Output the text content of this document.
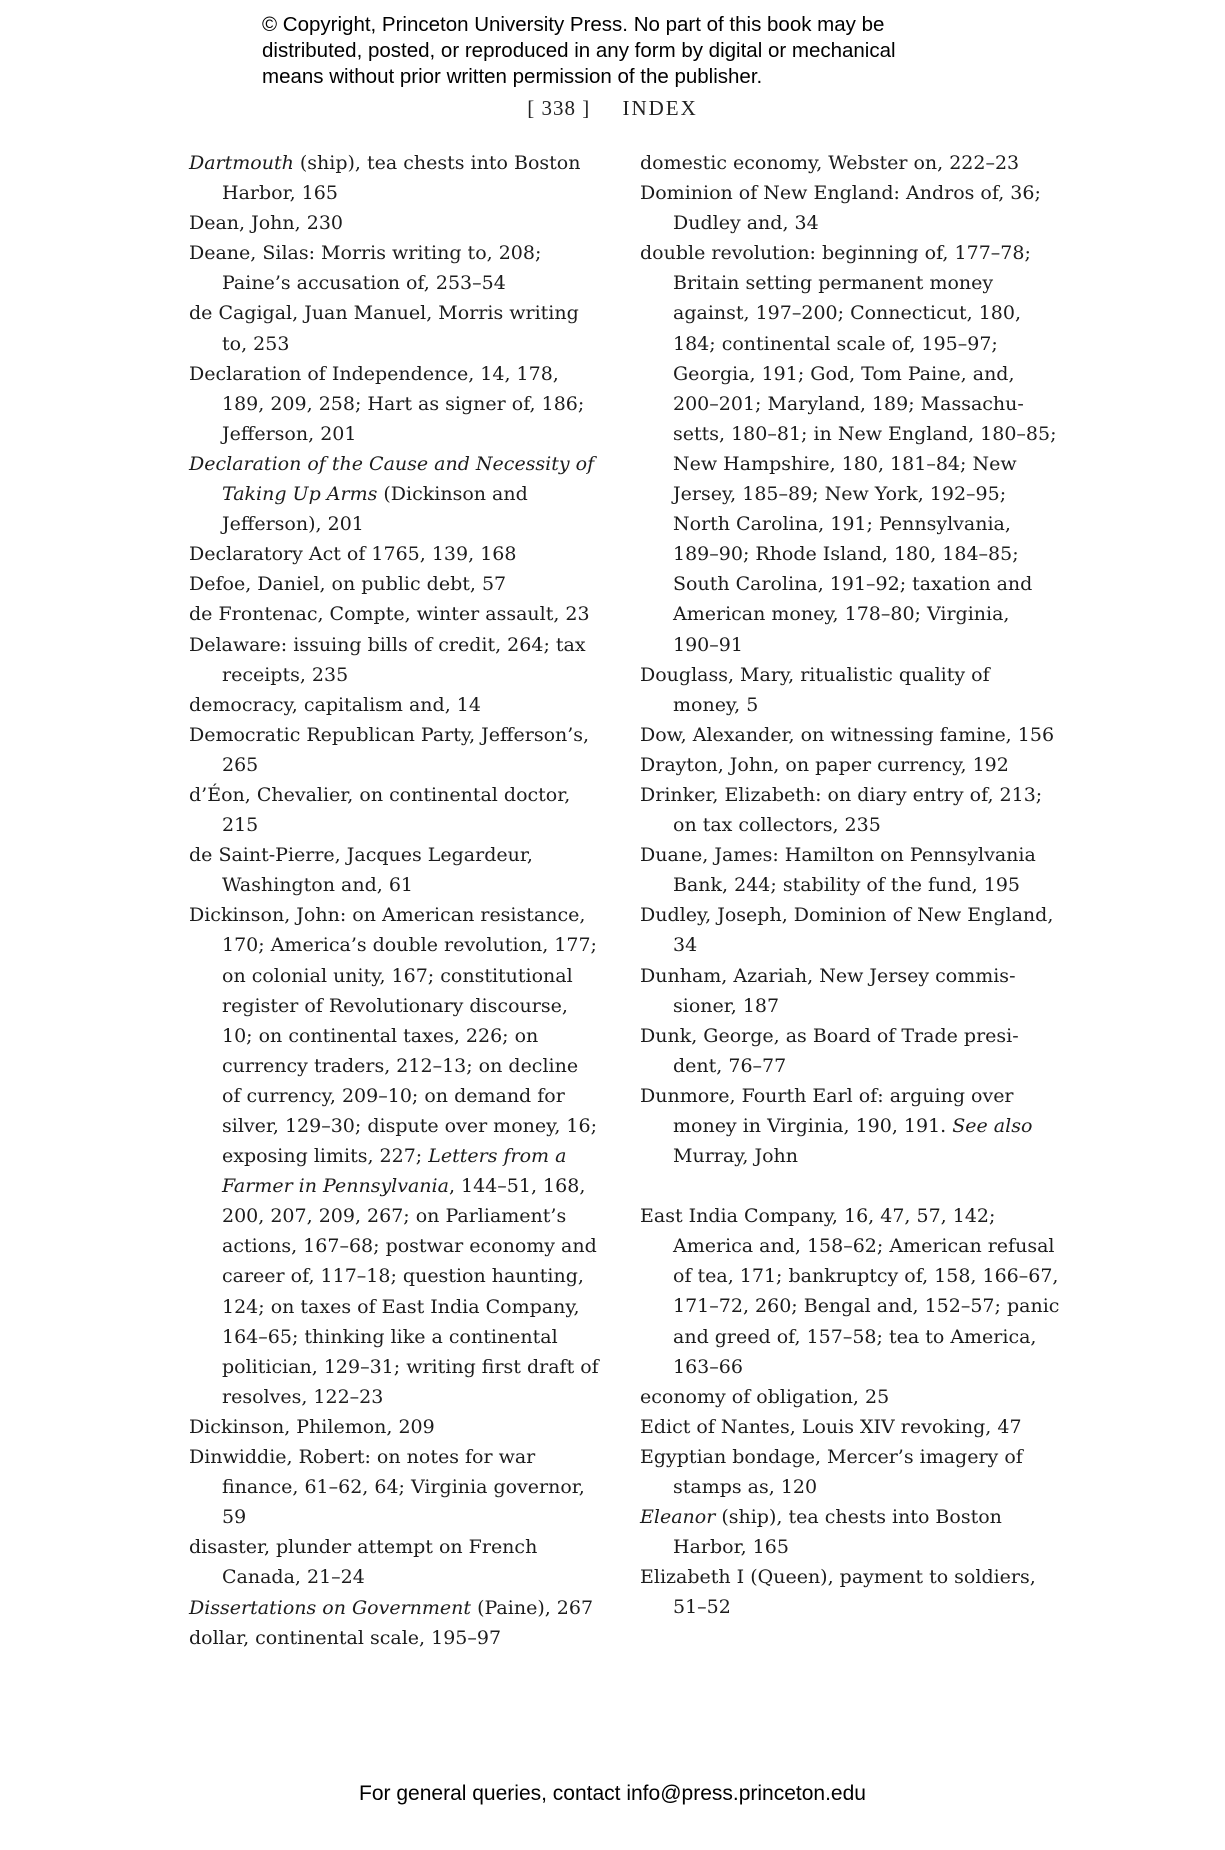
© Copyright, Princeton University Press. No part of this book may be
distributed, posted, or reproduced in any form by digital or mechanical
means without prior written permission of the publisher.
[ 338 ] INDEX

Dartmouth (ship), tea chests into Boston Harbor, 165

Dean, John, 230

Deane, Silas: Morris writing to, 208; Paine’s accusation of, 253–54

de Cagigal, Juan Manuel, Morris writing to, 253

Declaration of Independence, 14, 178, 189, 209, 258; Hart as signer of, 186; Jefferson, 201

Declaration of the Cause and Necessity of Taking Up Arms (Dickinson and Jefferson), 201

Declaratory Act of 1765, 139, 168

Defoe, Daniel, on public debt, 57

de Frontenac, Compte, winter assault, 23

Delaware: issuing bills of credit, 264; tax receipts, 235

democracy, capitalism and, 14

Democratic Republican Party, Jefferson’s, 265

d’Éon, Chevalier, on continental doctor, 215

de Saint-Pierre, Jacques Legardeur, Washington and, 61

Dickinson, John: on American resistance, 170; America’s double revolution, 177; on colonial unity, 167; constitutional register of Revolutionary discourse, 10; on continental taxes, 226; on currency traders, 212–13; on decline of currency, 209–10; on demand for silver, 129–30; dispute over money, 16; exposing limits, 227; Letters from a Farmer in Pennsylvania, 144–51, 168, 200, 207, 209, 267; on Parliament’s actions, 167–68; postwar economy and career of, 117–18; question haunting, 124; on taxes of East India Company, 164–65; thinking like a continental politician, 129–31; writing first draft of resolves, 122–23

Dickinson, Philemon, 209

Dinwiddie, Robert: on notes for war finance, 61–62, 64; Virginia governor, 59

disaster, plunder attempt on French Canada, 21–24

Dissertations on Government (Paine), 267

dollar, continental scale, 195–97

domestic economy, Webster on, 222–23

Dominion of New England: Andros of, 36; Dudley and, 34

double revolution: beginning of, 177–78; Britain setting permanent money against, 197–200; Connecticut, 180, 184; continental scale of, 195–97; Georgia, 191; God, Tom Paine, and, 200–201; Maryland, 189; Massachusetts, 180–81; in New England, 180–85; New Hampshire, 180, 181–84; New Jersey, 185–89; New York, 192–95; North Carolina, 191; Pennsylvania, 189–90; Rhode Island, 180, 184–85; South Carolina, 191–92; taxation and American money, 178–80; Virginia, 190–91

Douglass, Mary, ritualistic quality of money, 5

Dow, Alexander, on witnessing famine, 156

Drayton, John, on paper currency, 192

Drinker, Elizabeth: on diary entry of, 213; on tax collectors, 235

Duane, James: Hamilton on Pennsylvania Bank, 244; stability of the fund, 195

Dudley, Joseph, Dominion of New England, 34

Dunham, Azariah, New Jersey commissioner, 187

Dunk, George, as Board of Trade president, 76–77

Dunmore, Fourth Earl of: arguing over money in Virginia, 190, 191. See also Murray, John

East India Company, 16, 47, 57, 142; America and, 158–62; American refusal of tea, 171; bankruptcy of, 158, 166–67, 171–72, 260; Bengal and, 152–57; panic and greed of, 157–58; tea to America, 163–66

economy of obligation, 25

Edict of Nantes, Louis XIV revoking, 47

Egyptian bondage, Mercer’s imagery of stamps as, 120

Eleanor (ship), tea chests into Boston Harbor, 165

Elizabeth I (Queen), payment to soldiers, 51–52

For general queries, contact info@press.princeton.edu
